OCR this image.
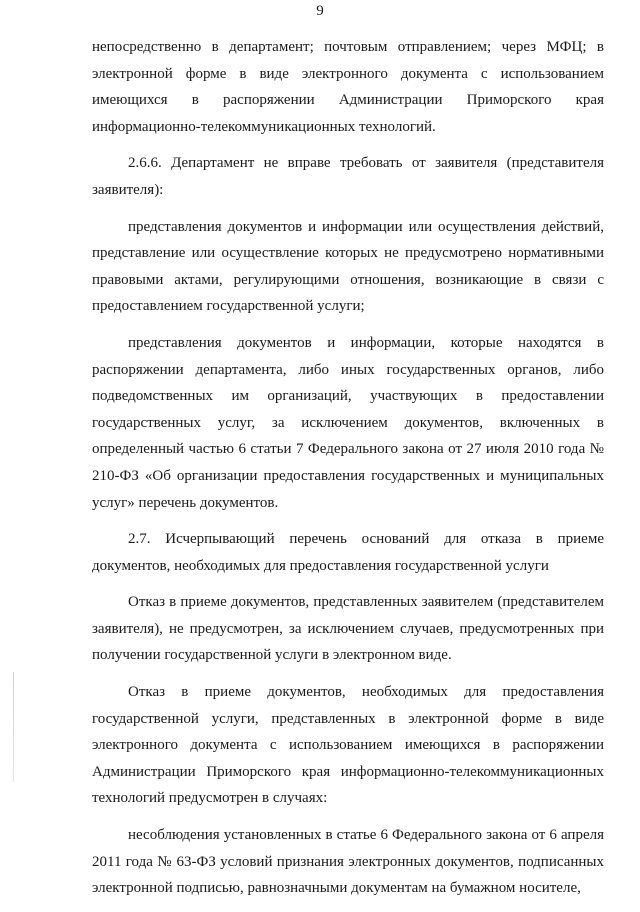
9

непосредственно в департамент; почтовым отправлением; через МФЦ; в электронной форме в виде электронного документа с использованием имеющихся в распоряжении Администрации Приморского края информационно-телекоммуникационных технологий.

2.6.6. Департамент не вправе требовать от заявителя (представителя заявителя):

представления документов и информации или осуществления действий, представление или осуществление которых не предусмотрено нормативными правовыми актами, регулирующими отношения, возникающие в связи с предоставлением государственной услуги;

представления документов и информации, которые находятся в распоряжении департамента, либо иных государственных органов, либо подведомственных им организаций, участвующих в предоставлении государственных услуг, за исключением документов, включенных в определенный частью 6 статьи 7 Федерального закона от 27 июля 2010 года № 210-ФЗ «Об организации предоставления государственных и муниципальных услуг» перечень документов.

2.7. Исчерпывающий перечень оснований для отказа в приеме документов, необходимых для предоставления государственной услуги

Отказ в приеме документов, представленных заявителем (представителем заявителя), не предусмотрен, за исключением случаев, предусмотренных при получении государственной услуги в электронном виде.

Отказ в приеме документов, необходимых для предоставления государственной услуги, представленных в электронной форме в виде электронного документа с использованием имеющихся в распоряжении Администрации Приморского края информационно-телекоммуникационных технологий предусмотрен в случаях:

несоблюдения установленных в статье 6 Федерального закона от 6 апреля 2011 года № 63-ФЗ условий признания электронных документов, подписанных электронной подписью, равнозначными документам на бумажном носителе,
